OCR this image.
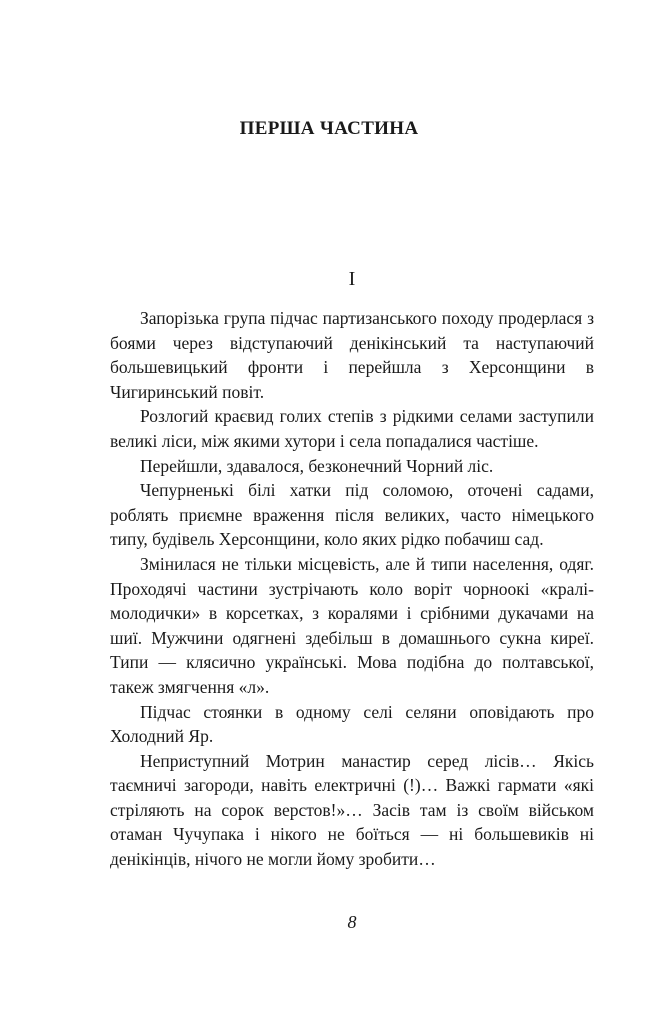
ПЕРША ЧАСТИНА
I

Запорізька група підчас партизанського походу продерлася з боями через відступаючий денікінський та наступаючий большевицький фронти і перейшла з Херсонщини в Чигиринський повіт.

Розлогий краєвид голих степів з рідкими селами заступили великі ліси, між якими хутори і села попадалися частіше.

Перейшли, здавалося, безконечний Чорний ліс.

Чепурненькі білі хатки під соломою, оточені садами, роблять приємне враження після великих, часто німецького типу, будівель Херсонщини, коло яких рідко побачиш сад.

Змінилася не тільки місцевість, але й типи населення, одяг. Проходячі частини зустрічають коло воріт чорноокі «кралі-молодички» в корсетках, з коралями і срібними дукачами на шиї. Мужчини одягнені здебільш в домашнього сукна киреї. Типи — клясично українські. Мова подібна до полтавської, такеж змягчення «л».

Підчас стоянки в одному селі селяни оповідають про Холодний Яр.

Неприступний Мотрин манастир серед лісів… Якісь таємничі загороди, навіть електричні (!)… Важкі гармати «які стріляють на сорок верстов!»… Засів там із своїм військом отаман Чучупака і нікого не боїться — ні большевиків ні денікінців, нічого не могли йому зробити…

8
